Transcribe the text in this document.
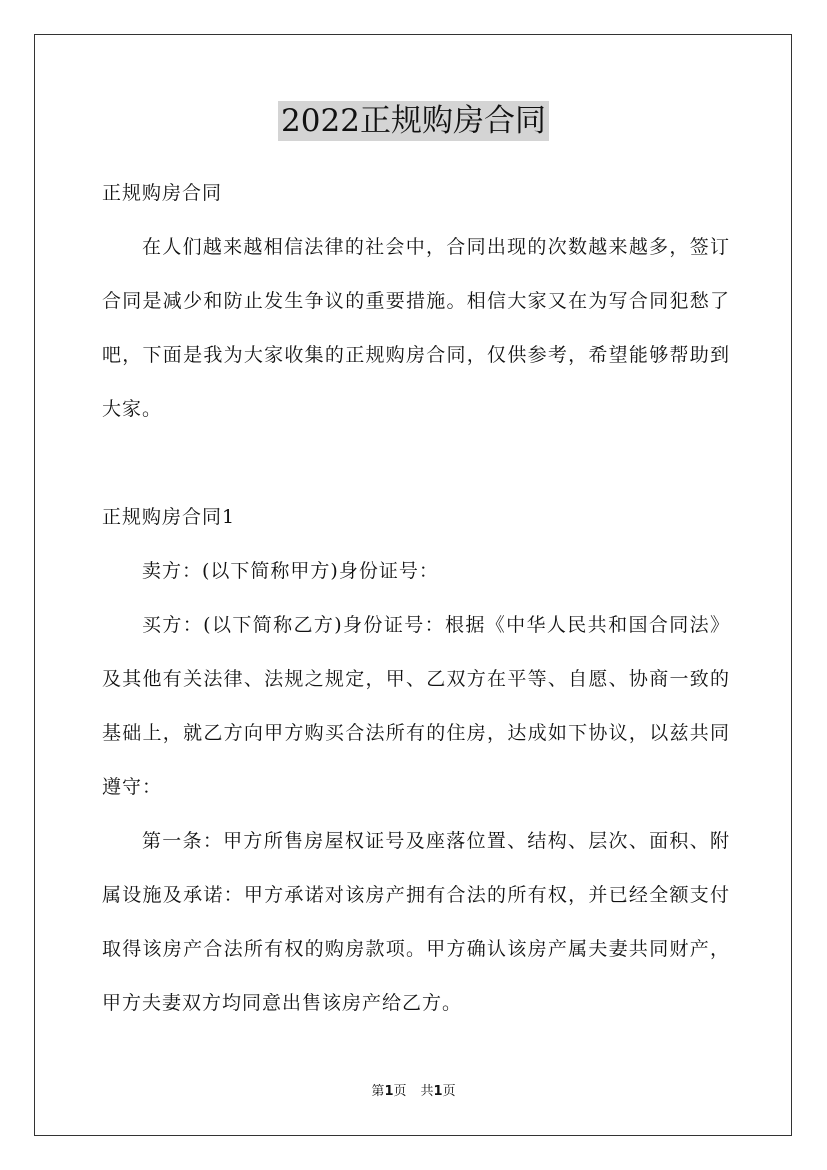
2022正规购房合同

正规购房合同

在人们越来越相信法律的社会中，合同出现的次数越来越多，签订合同是减少和防止发生争议的重要措施。相信大家又在为写合同犯愁了吧，下面是我为大家收集的正规购房合同，仅供参考，希望能够帮助到大家。

正规购房合同1

卖方：(以下简称甲方)身份证号：

买方：(以下简称乙方)身份证号：根据《中华人民共和国合同法》及其他有关法律、法规之规定，甲、乙双方在平等、自愿、协商一致的基础上，就乙方向甲方购买合法所有的住房，达成如下协议，以兹共同遵守：

第一条：甲方所售房屋权证号及座落位置、结构、层次、面积、附属设施及承诺：甲方承诺对该房产拥有合法的所有权，并已经全额支付取得该房产合法所有权的购房款项。甲方确认该房产属夫妻共同财产，甲方夫妻双方均同意出售该房产给乙方。

第1页 共1页
